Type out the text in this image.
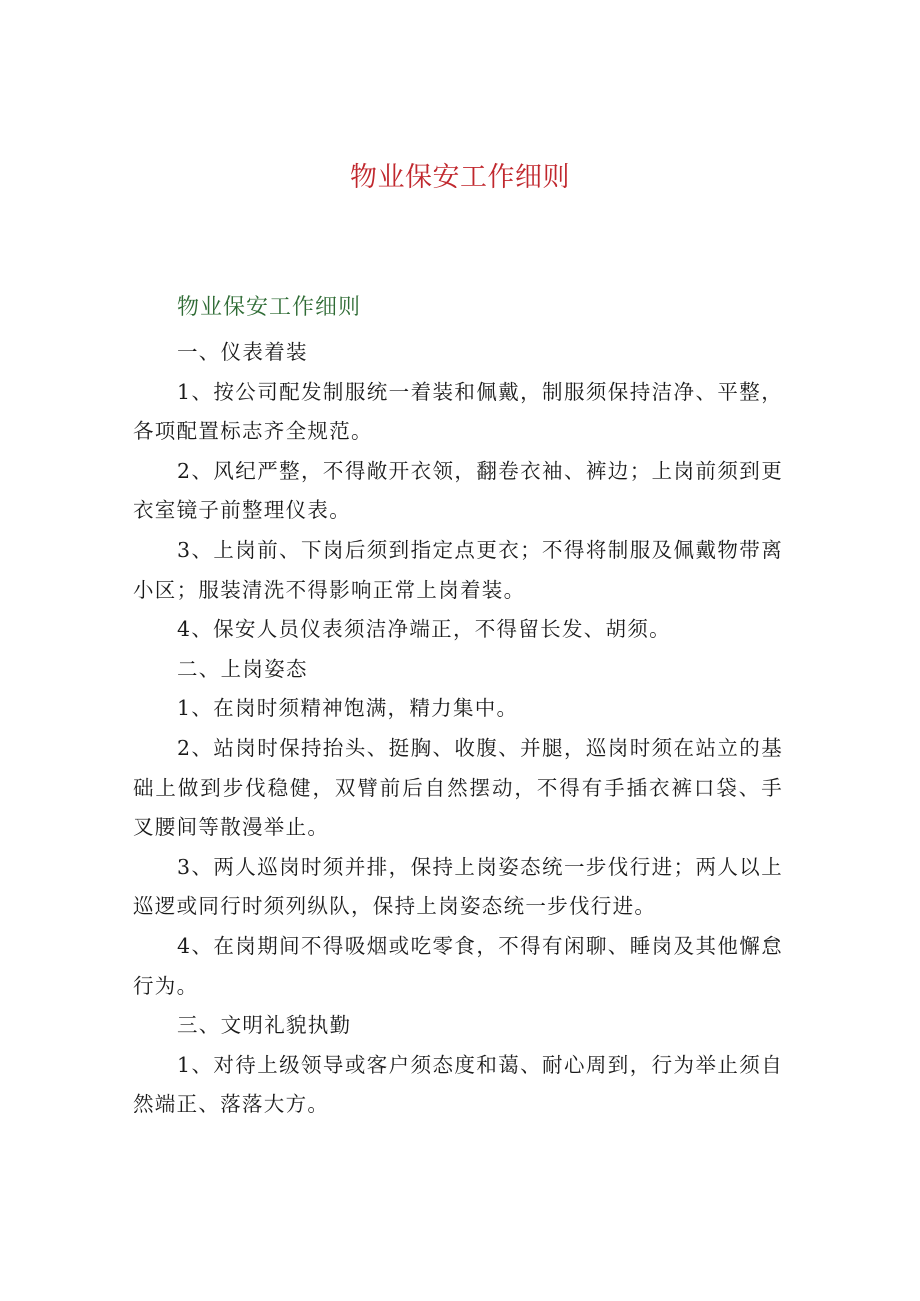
物业保安工作细则
物业保安工作细则

一、仪表着装

1、按公司配发制服统一着装和佩戴，制服须保持洁净、平整，各项配置标志齐全规范。

2、风纪严整，不得敞开衣领，翻卷衣袖、裤边；上岗前须到更衣室镜子前整理仪表。

3、上岗前、下岗后须到指定点更衣；不得将制服及佩戴物带离小区；服装清洗不得影响正常上岗着装。

4、保安人员仪表须洁净端正，不得留长发、胡须。

二、上岗姿态

1、在岗时须精神饱满，精力集中。

2、站岗时保持抬头、挺胸、收腹、并腿，巡岗时须在站立的基础上做到步伐稳健，双臂前后自然摆动，不得有手插衣裤口袋、手叉腰间等散漫举止。

3、两人巡岗时须并排，保持上岗姿态统一步伐行进；两人以上巡逻或同行时须列纵队，保持上岗姿态统一步伐行进。

4、在岗期间不得吸烟或吃零食，不得有闲聊、睡岗及其他懈怠行为。

三、文明礼貌执勤

1、对待上级领导或客户须态度和蔼、耐心周到，行为举止须自然端正、落落大方。
